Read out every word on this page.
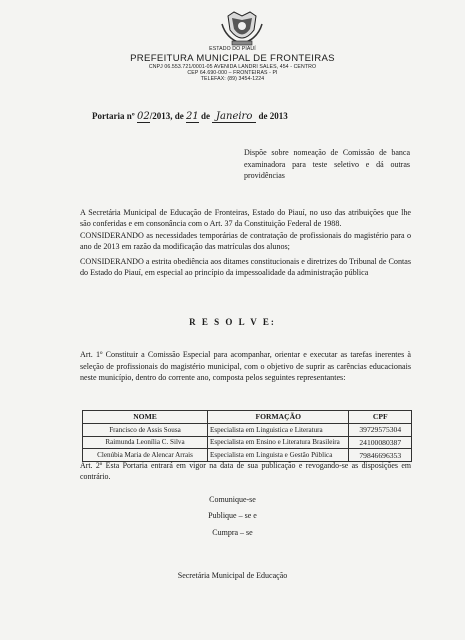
ESTADO DO PIAUÍ
PREFEITURA MUNICIPAL DE FRONTEIRAS
CNPJ 06.553.721/0001-05 AVENIDA LANDRI SALES, 454 - CENTRO
CEP 64.690-000 – FRONTEIRAS - PI
TELEFAX: (89) 3454-1224
Portaria nº 02/2013, de 21 de Janeiro de 2013
Dispõe sobre nomeação de Comissão de banca examinadora para teste seletivo e dá outras providências
A Secretária Municipal de Educação de Fronteiras, Estado do Piauí, no uso das atribuições que lhe são conferidas e em consonância com o Art. 37 da Constituição Federal de 1988.
CONSIDERANDO as necessidades temporárias de contratação de profissionais do magistério para o ano de 2013 em razão da modificação das matrículas dos alunos;
CONSIDERANDO a estrita obediência aos ditames constitucionais e diretrizes do Tribunal de Contas do Estado do Piauí, em especial ao princípio da impessoalidade da administração pública
R E S O L V E:
Art. 1º Constituir a Comissão Especial para acompanhar, orientar e executar as tarefas inerentes à seleção de profissionais do magistério municipal, com o objetivo de suprir as carências educacionais neste município, dentro do corrente ano, composta pelos seguintes representantes:
NOME	FORMAÇÃO	CPF
Francisco de Assis Sousa	Especialista em Linguistica e Literatura	39729575304
Raimunda Leonília C. Silva	Especialista em Ensino e Literatura Brasileira	24100080387
Clenúbia Maria de Alencar Arrais	Especialista em Linguista e Gestão Pública	79846696353
Art. 2º Esta Portaria entrará em vigor na data de sua publicação e revogando-se as disposições em contrário.
Comunique-se
Publique – se e
Cumpra – se
Secretária Municipal de Educação
